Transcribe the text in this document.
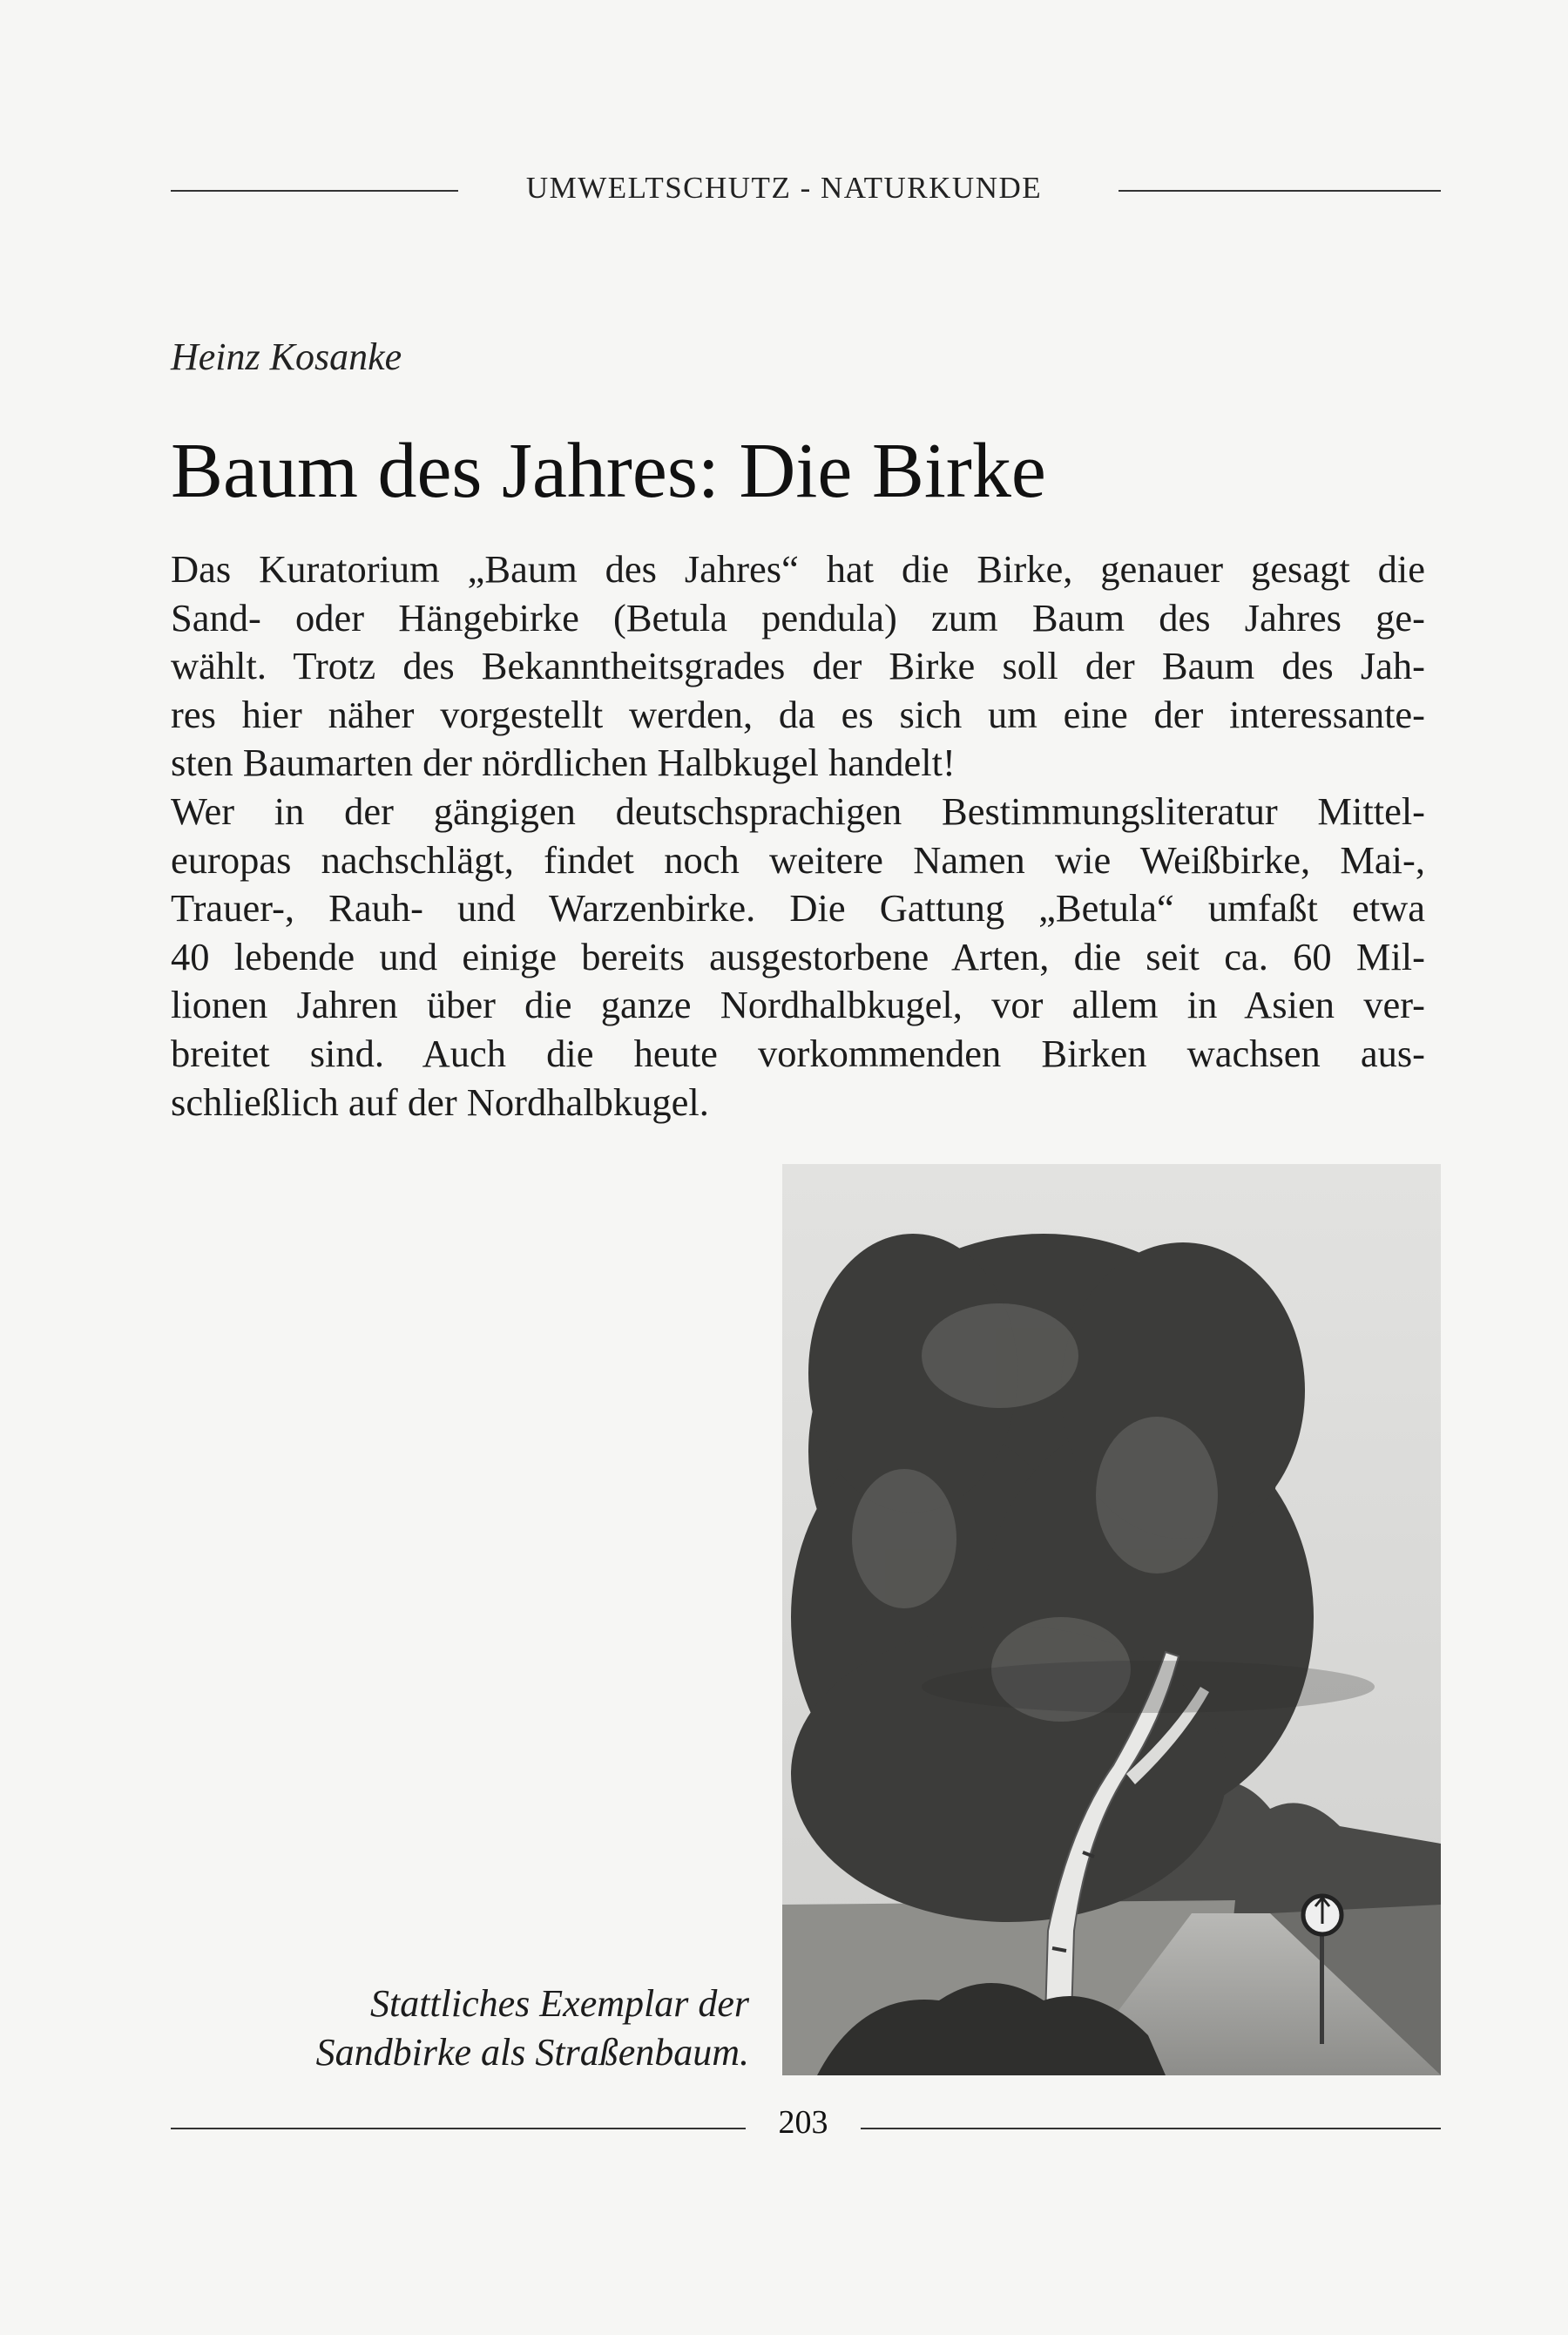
UMWELTSCHUTZ - NATURKUNDE
Heinz Kosanke
Baum des Jahres: Die Birke
Das Kuratorium „Baum des Jahres“ hat die Birke, genauer gesagt die
Sand- oder Hängebirke (Betula pendula) zum Baum des Jahres ge-
wählt. Trotz des Bekanntheitsgrades der Birke soll der Baum des Jah-
res hier näher vorgestellt werden, da es sich um eine der interessante-
sten Baumarten der nördlichen Halbkugel handelt!
Wer in der gängigen deutschsprachigen Bestimmungsliteratur Mittel-
europas nachschlägt, findet noch weitere Namen wie Weißbirke, Mai-,
Trauer-, Rauh- und Warzenbirke. Die Gattung „Betula“ umfaßt etwa
40 lebende und einige bereits ausgestorbene Arten, die seit ca. 60 Mil-
lionen Jahren über die ganze Nordhalbkugel, vor allem in Asien ver-
breitet sind. Auch die heute vorkommenden Birken wachsen aus-
schließlich auf der Nordhalbkugel.
Stattliches Exemplar der
Sandbirke als Straßenbaum.
203
